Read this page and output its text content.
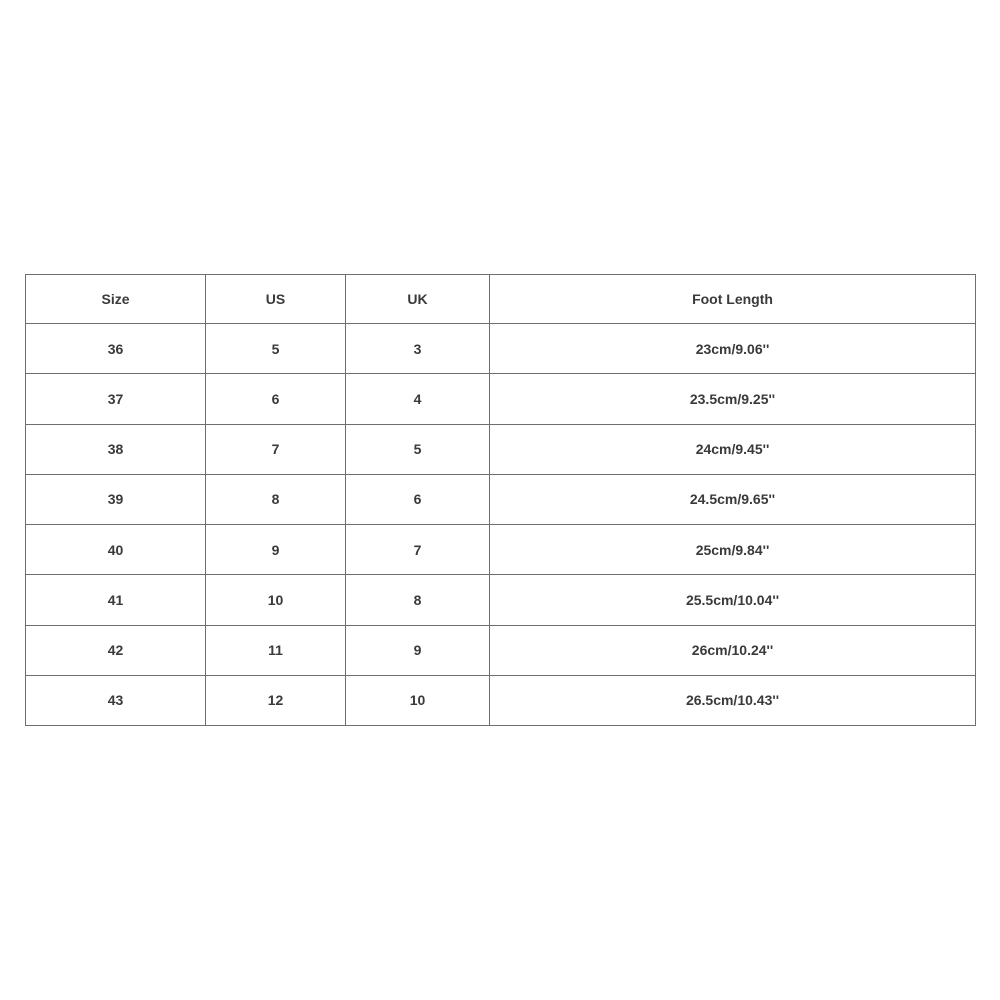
Size	US	UK	Foot Length
36	5	3	23cm/9.06''
37	6	4	23.5cm/9.25''
38	7	5	24cm/9.45''
39	8	6	24.5cm/9.65''
40	9	7	25cm/9.84''
41	10	8	25.5cm/10.04''
42	11	9	26cm/10.24''
43	12	10	26.5cm/10.43''
